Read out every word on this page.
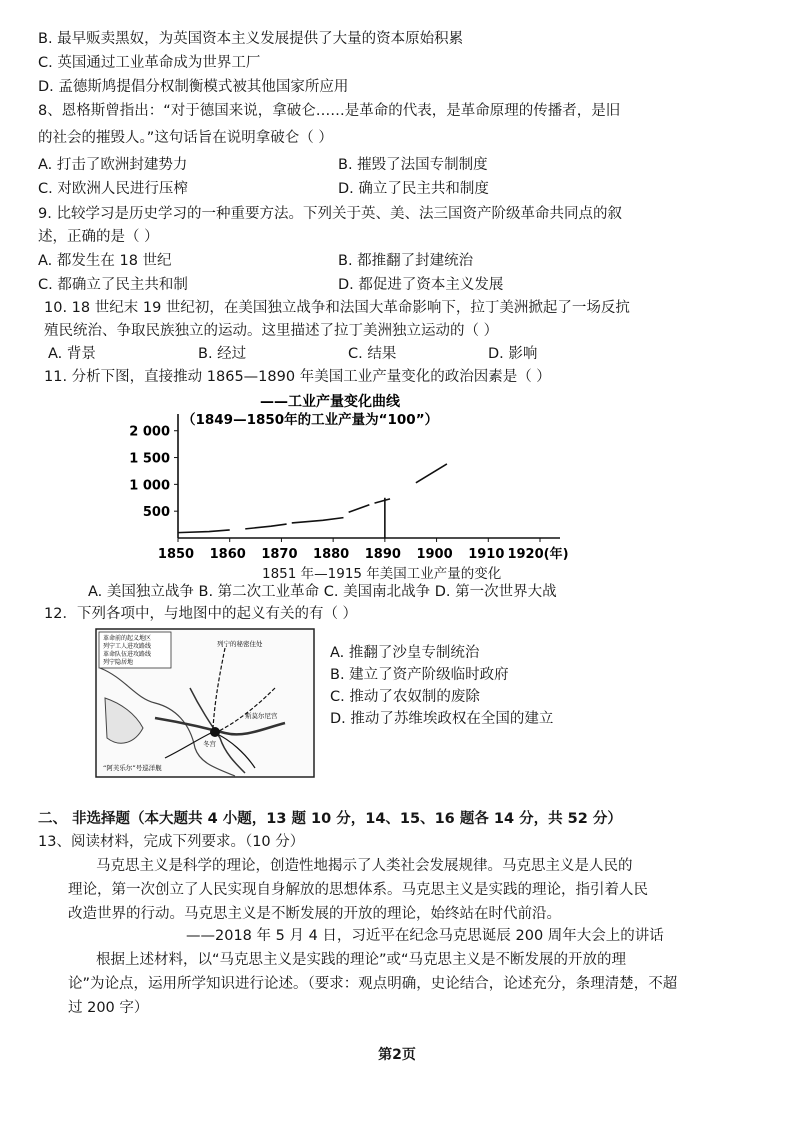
B. 最早贩卖黑奴，为英国资本主义发展提供了大量的资本原始积累
C. 英国通过工业革命成为世界工厂
D. 孟德斯鸠提倡分权制衡模式被其他国家所应用
8、恩格斯曾指出：“对于德国来说，拿破仑……是革命的代表，是革命原理的传播者，是旧
的社会的摧毁人。”这句话旨在说明拿破仑（ ）
A. 打击了欧洲封建势力	B. 摧毁了法国专制制度
C. 对欧洲人民进行压榨	D. 确立了民主共和制度
9. 比较学习是历史学习的一种重要方法。下列关于英、美、法三国资产阶级革命共同点的叙
述，正确的是（ ）
A. 都发生在 18 世纪	B. 都推翻了封建统治
C. 都确立了民主共和制	D. 都促进了资本主义发展
10. 18 世纪末 19 世纪初，在美国独立战争和法国大革命影响下，拉丁美洲掀起了一场反抗
殖民统治、争取民族独立的运动。这里描述了拉丁美洲独立运动的（ ）
A. 背景	B. 经过	C. 结果	D. 影响
11. 分析下图，直接推动 1865—1890 年美国工业产量变化的政治因素是（ ）
——工业产量变化曲线
（1849—1850年的工业产量为“100”）
500
1 000
1 500
2 000
1850 1860 1870 1880 1890 1900 1910 1920(年)
1851 年—1915 年美国工业产量的变化
A. 美国独立战争 B. 第二次工业革命 C. 美国南北战争 D. 第一次世界大战
12．下列各项中，与地图中的起义有关的有（ ）
革命前的起义地区
列宁工人进攻路线
革命队伍进攻路线
列宁隐居地
列宁的秘密住处
斯莫尔尼宫
冬宫
“阿芙乐尔”号巡洋舰
A. 推翻了沙皇专制统治
B. 建立了资产阶级临时政府
C. 推动了农奴制的废除
D. 推动了苏维埃政权在全国的建立
二、 非选择题（本大题共 4 小题，13 题 10 分，14、15、16 题各 14 分，共 52 分）
13、阅读材料，完成下列要求。（10 分）
马克思主义是科学的理论，创造性地揭示了人类社会发展规律。马克思主义是人民的
理论，第一次创立了人民实现自身解放的思想体系。马克思主义是实践的理论，指引着人民
改造世界的行动。马克思主义是不断发展的开放的理论，始终站在时代前沿。
——2018 年 5 月 4 日，习近平在纪念马克思诞辰 200 周年大会上的讲话
根据上述材料，以“马克思主义是实践的理论”或“马克思主义是不断发展的开放的理
论”为论点，运用所学知识进行论述。（要求：观点明确，史论结合，论述充分，条理清楚，不超
过 200 字）
第2页
